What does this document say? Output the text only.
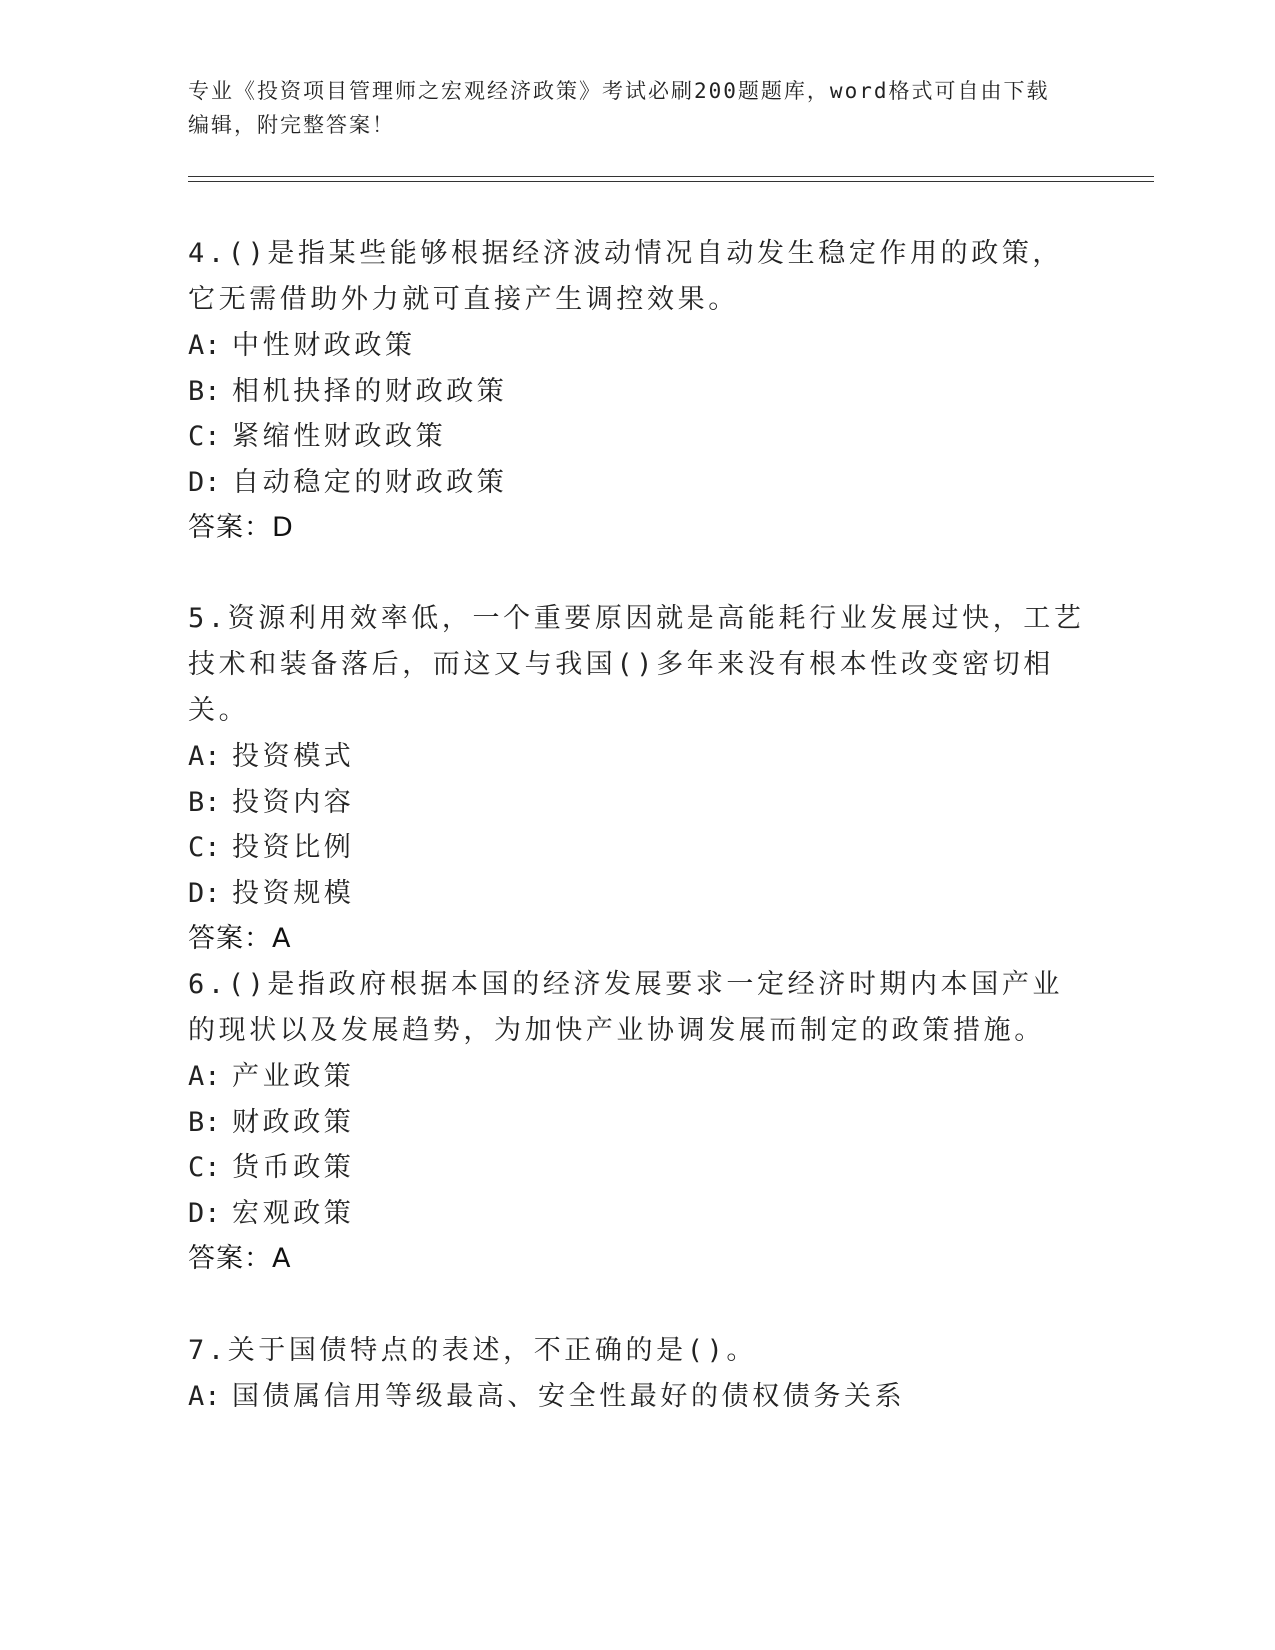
专业《投资项目管理师之宏观经济政策》考试必刷200题题库，word格式可自由下载编辑，附完整答案！

4.()是指某些能够根据经济波动情况自动发生稳定作用的政策，它无需借助外力就可直接产生调控效果。

A: 中性财政政策

B: 相机抉择的财政政策

C: 紧缩性财政政策

D: 自动稳定的财政政策

答案：D

5.资源利用效率低，一个重要原因就是高能耗行业发展过快，工艺技术和装备落后，而这又与我国()多年来没有根本性改变密切相关。

A: 投资模式

B: 投资内容

C: 投资比例

D: 投资规模

答案：A

6.()是指政府根据本国的经济发展要求一定经济时期内本国产业的现状以及发展趋势，为加快产业协调发展而制定的政策措施。

A: 产业政策

B: 财政政策

C: 货币政策

D: 宏观政策

答案：A

7.关于国债特点的表述，不正确的是()。

A: 国债属信用等级最高、安全性最好的债权债务关系
